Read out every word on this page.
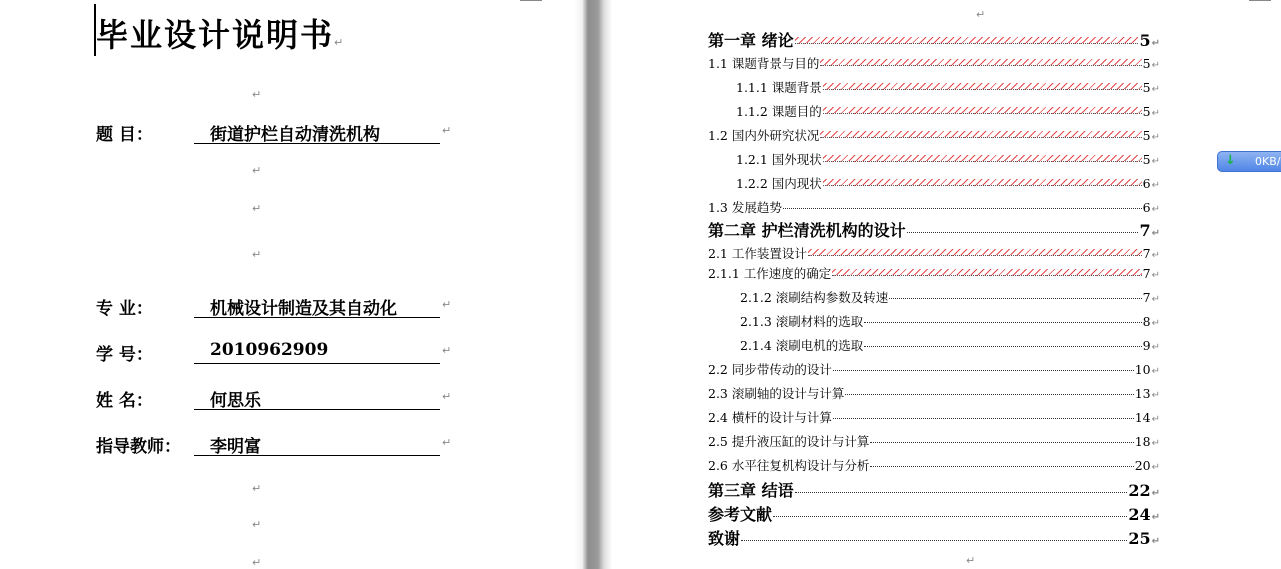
毕业设计说明书↵
↵
题 目：	街道护栏自动清洗机构	↵
专 业：	机械设计制造及其自动化	↵
学 号：	2010962909	↵
姓 名：	何思乐	↵
指导教师：	李明富	↵
↵
↵
↵
↵
↵
↵
↵	↵
第一章 绪论	5 ↵
1.1 课题背景与目的	5 ↵
1.1.1 课题背景	5 ↵
1.1.2 课题目的	5 ↵
1.2 国内外研究状况	5 ↵
1.2.1 国外现状	5 ↵
1.2.2 国内现状	6 ↵
1.3 发展趋势	6 ↵
第二章 护栏清洗机构的设计	7 ↵
2.1 工作装置设计	7 ↵
2.1.1 工作速度的确定	7 ↵
2.1.2 滚刷结构参数及转速	7 ↵
2.1.3 滚刷材料的选取	8 ↵
2.1.4 滚刷电机的选取	9 ↵
2.2 同步带传动的设计	10 ↵
2.3 滚刷轴的设计与计算	13 ↵
2.4 横杆的设计与计算	14 ↵
2.5 提升液压缸的设计与计算	18 ↵
2.6 水平往复机构设计与分析	20 ↵
第三章 结语	22 ↵
参考文献	24 ↵
致谢	25 ↵
↓ 0KB/
